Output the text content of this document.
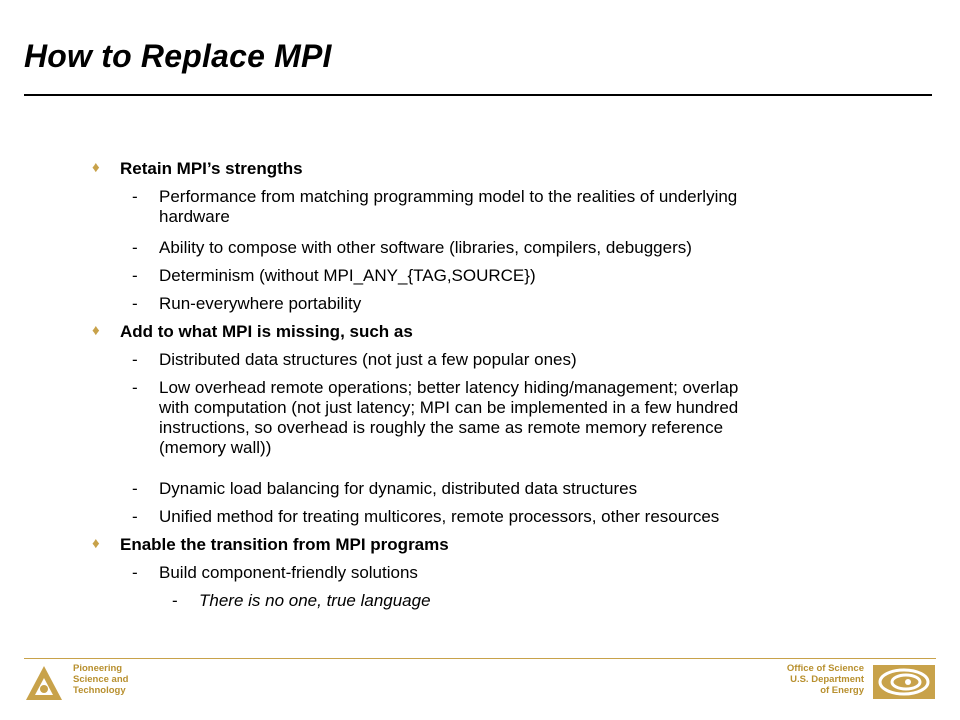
How to Replace MPI
♦ Retain MPI’s strengths
- Performance from matching programming model to the realities of underlying
hardware
- Ability to compose with other software (libraries, compilers, debuggers)
- Determinism (without MPI_ANY_{TAG,SOURCE})
- Run-everywhere portability
♦ Add to what MPI is missing, such as
- Distributed data structures (not just a few popular ones)
- Low overhead remote operations; better latency hiding/management; overlap
with computation (not just latency; MPI can be implemented in a few hundred
instructions, so overhead is roughly the same as remote memory reference
(memory wall))
- Dynamic load balancing for dynamic, distributed data structures
- Unified method for treating multicores, remote processors, other resources
♦ Enable the transition from MPI programs
- Build component-friendly solutions
- There is no one, true language
Pioneering
Science and
Technology
Office of Science
U.S. Department
of Energy
